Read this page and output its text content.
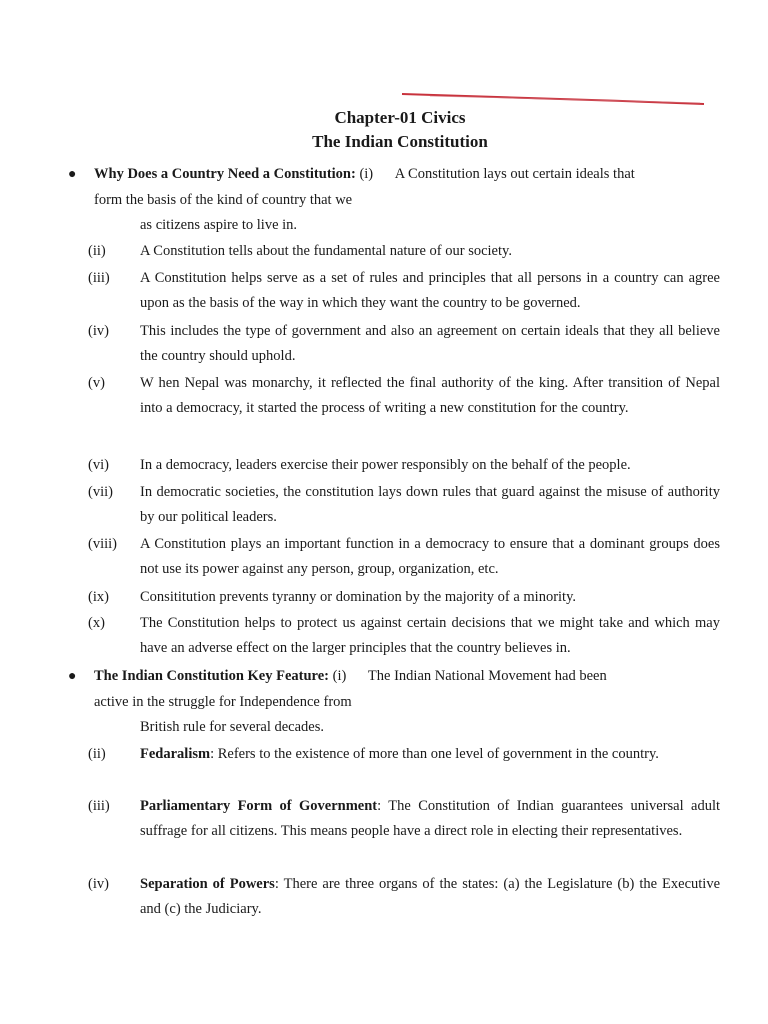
Chapter-01 Civics
The Indian Constitution
● Why Does a Country Need a Constitution: (i) A Constitution lays out certain ideals that
form the basis of the kind of country that we
as citizens aspire to live in.
(ii) A Constitution tells about the fundamental nature of our society.
(iii) A Constitution helps serve as a set of rules and principles that all persons in a country can agree upon as the basis of the way in which they want the country to be governed.
(iv) This includes the type of government and also an agreement on certain ideals that they all believe the country should uphold.
(v) W hen Nepal was monarchy, it reflected the final authority of the king. After transition of Nepal into a democracy, it started the process of writing a new constitution for the country.
(vi) In a democracy, leaders exercise their power responsibly on the behalf of the people.
(vii) In democratic societies, the constitution lays down rules that guard against the misuse of authority by our political leaders.
(viii) A Constitution plays an important function in a democracy to ensure that a dominant groups does not use its power against any person, group, organization, etc.
(ix) Consititution prevents tyranny or domination by the majority of a minority.
(x) The Constitution helps to protect us against certain decisions that we might take and which may have an adverse effect on the larger principles that the country believes in.
● The Indian Constitution Key Feature: (i) The Indian National Movement had been
active in the struggle for Independence from
British rule for several decades.
(ii) Fedaralism: Refers to the existence of more than one level of government in the country.
(iii) Parliamentary Form of Government: The Constitution of Indian guarantees universal adult suffrage for all citizens. This means people have a direct role in electing their representatives.
(iv) Separation of Powers: There are three organs of the states: (a) the Legislature (b) the Executive and (c) the Judiciary.
